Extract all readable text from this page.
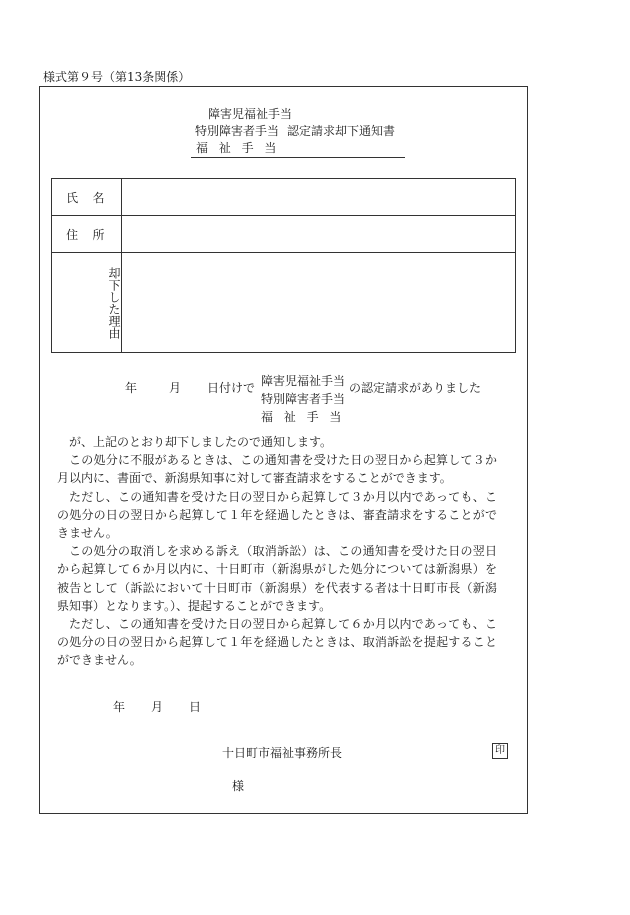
様式第９号（第13条関係）
障害児福祉手当
特別障害者手当 認定請求却下通知書
福祉手当
氏名	
住所	
却下した理由	
年	月 日付けで 障害児福祉手当
特別障害者手当
福祉手当
の認定請求がありました

が、上記のとおり却下しましたので通知します。

この処分に不服があるときは、この通知書を受けた日の翌日から起算して３か月以内に、書面で、新潟県知事に対して審査請求をすることができます。

ただし、この通知書を受けた日の翌日から起算して３か月以内であっても、この処分の日の翌日から起算して１年を経過したときは、審査請求をすることができません。

この処分の取消しを求める訴え（取消訴訟）は、この通知書を受けた日の翌日から起算して６か月以内に、十日町市（新潟県がした処分については新潟県）を被告として（訴訟において十日町市（新潟県）を代表する者は十日町市長（新潟県知事）となります。）、提起することができます。

ただし、この通知書を受けた日の翌日から起算して６か月以内であっても、この処分の日の翌日から起算して１年を経過したときは、取消訴訟を提起することができません。

年 月 日
十日町市福祉事務所長	印
様
